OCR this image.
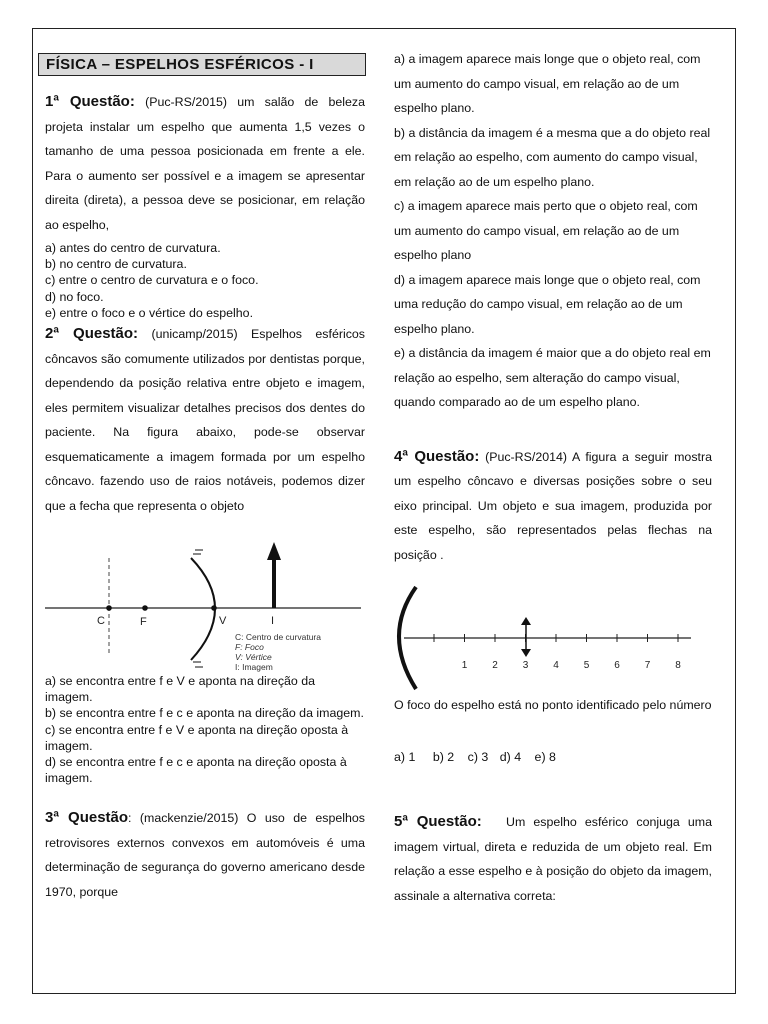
FÍSICA – ESPELHOS ESFÉRICOS - I

1ª Questão: (Puc-RS/2015) um salão de beleza projeta instalar um espelho que aumenta 1,5 vezes o tamanho de uma pessoa posicionada em frente a ele. Para o aumento ser possível e a imagem se apresentar direita (direta), a pessoa deve se posicionar, em relação ao espelho,

a) antes do centro de curvatura.

b) no centro de curvatura.

c) entre o centro de curvatura e o foco.

d) no foco.

e) entre o foco e o vértice do espelho.

2ª Questão: (unicamp/2015) Espelhos esféricos côncavos são comumente utilizados por dentistas porque, dependendo da posição relativa entre objeto e imagem, eles permitem visualizar detalhes precisos dos dentes do paciente. Na figura abaixo, pode-se observar esquematicamente a imagem formada por um espelho côncavo. fazendo uso de raios notáveis, podemos dizer que a fecha que representa o objeto

C	F	V	I
C: Centro de curvatura
F: Foco
V: Vértice
I: Imagem

a) se encontra entre f e V e aponta na direção da imagem.

b) se encontra entre f e c e aponta na direção da imagem.

c) se encontra entre f e V e aponta na direção oposta à imagem.

d) se encontra entre f e c e aponta na direção oposta à imagem.

3ª Questão: (mackenzie/2015) O uso de espelhos retrovisores externos convexos em automóveis é uma determinação de segurança do governo americano desde 1970, porque

a) a imagem aparece mais longe que o objeto real, com um aumento do campo visual, em relação ao de um espelho plano.

b) a distância da imagem é a mesma que a do objeto real em relação ao espelho, com aumento do campo visual, em relação ao de um espelho plano.

c) a imagem aparece mais perto que o objeto real, com um aumento do campo visual, em relação ao de um espelho plano

d) a imagem aparece mais longe que o objeto real, com uma redução do campo visual, em relação ao de um espelho plano.

e) a distância da imagem é maior que a do objeto real em relação ao espelho, sem alteração do campo visual, quando comparado ao de um espelho plano.

4ª Questão: (Puc-RS/2014) A figura a seguir mostra um espelho côncavo e diversas posições sobre o seu eixo principal. Um objeto e sua imagem, produzida por este espelho, são representados pelas flechas na posição .

1 2 3 4 5 6 7 8

O foco do espelho está no ponto identificado pelo número

a) 1 b) 2 c) 3 d) 4 e) 8

5ª Questão: Um espelho esférico conjuga uma imagem virtual, direta e reduzida de um objeto real. Em relação a esse espelho e à posição do objeto da imagem, assinale a alternativa correta:
